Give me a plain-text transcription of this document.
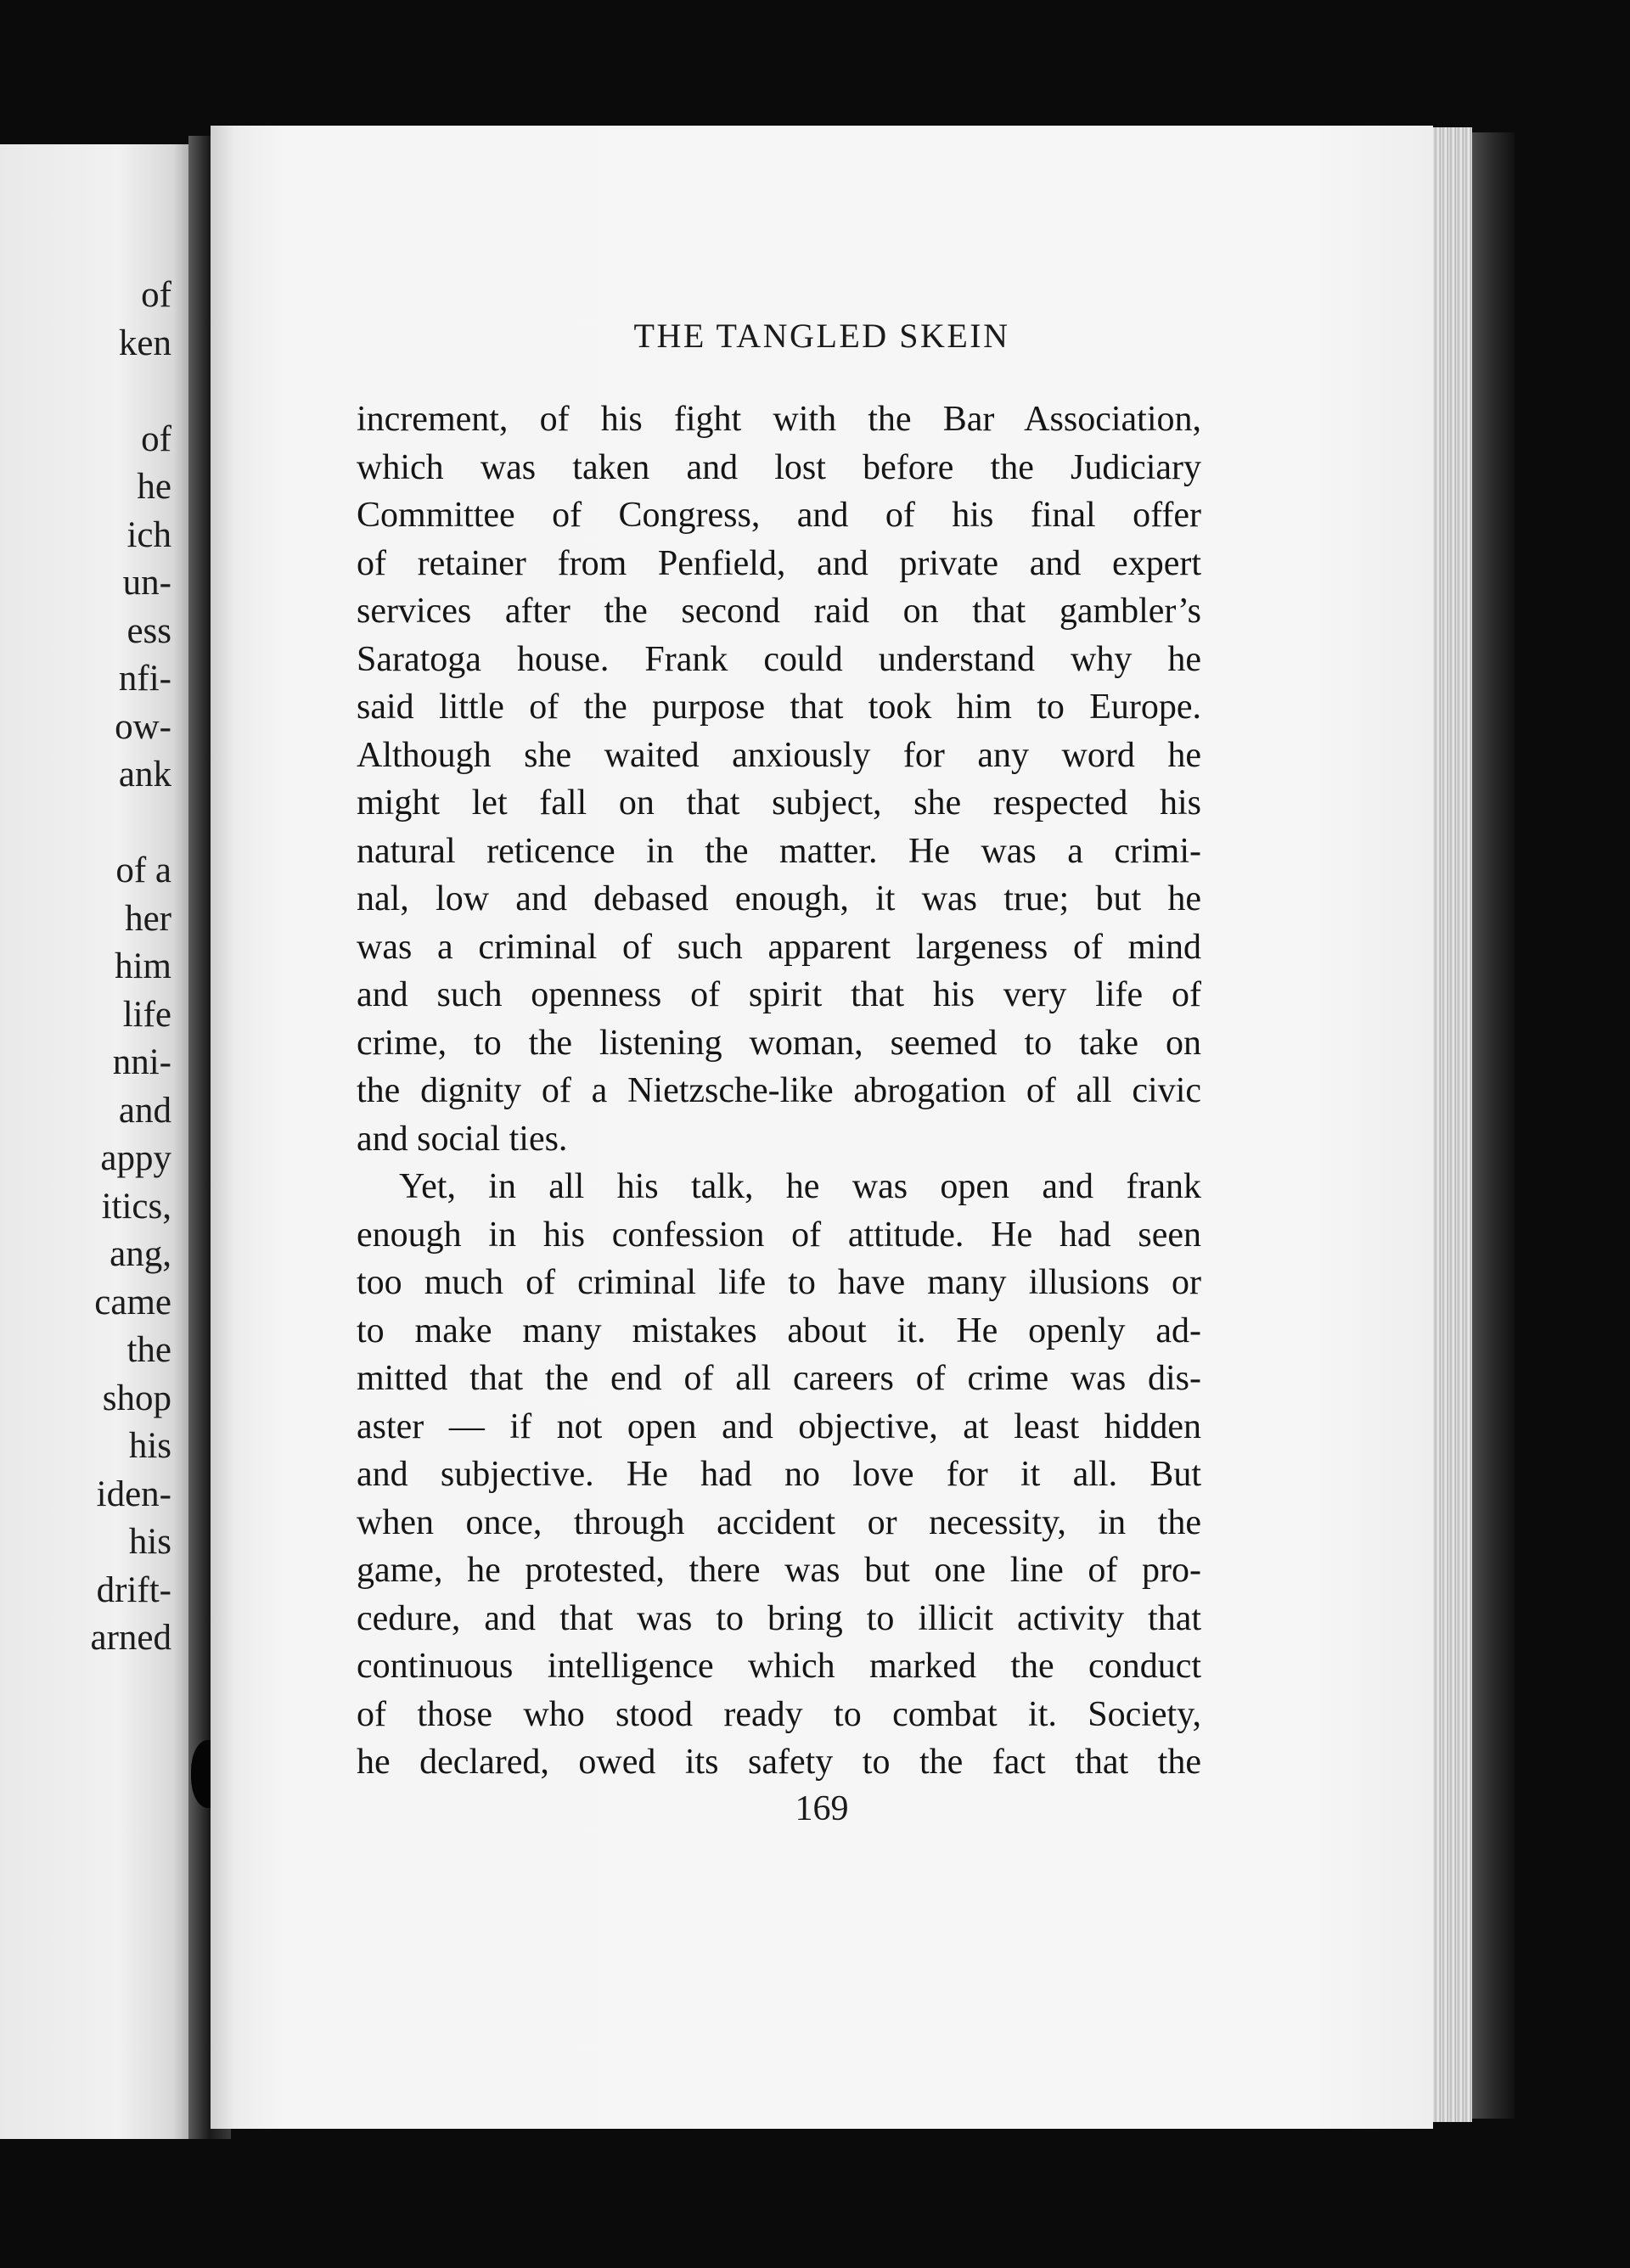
of
ken
of
he
ich
un-
ess
nfi-
ow-
ank
of a
her
him
life
nni-
and
appy
itics,
ang,
came
the
shop
his
iden-
his
drift-
arned
THE TANGLED SKEIN
increment, of his fight with the Bar Association,
which was taken and lost before the Judiciary
Committee of Congress, and of his final offer
of retainer from Penfield, and private and expert
services after the second raid on that gambler’s
Saratoga house. Frank could understand why he
said little of the purpose that took him to Europe.
Although she waited anxiously for any word he
might let fall on that subject, she respected his
natural reticence in the matter. He was a crimi-
nal, low and debased enough, it was true; but he
was a criminal of such apparent largeness of mind
and such openness of spirit that his very life of
crime, to the listening woman, seemed to take on
the dignity of a Nietzsche-like abrogation of all civic
and social ties.
Yet, in all his talk, he was open and frank
enough in his confession of attitude. He had seen
too much of criminal life to have many illusions or
to make many mistakes about it. He openly ad-
mitted that the end of all careers of crime was dis-
aster — if not open and objective, at least hidden
and subjective. He had no love for it all. But
when once, through accident or necessity, in the
game, he protested, there was but one line of pro-
cedure, and that was to bring to illicit activity that
continuous intelligence which marked the conduct
of those who stood ready to combat it. Society,
he declared, owed its safety to the fact that the
169
